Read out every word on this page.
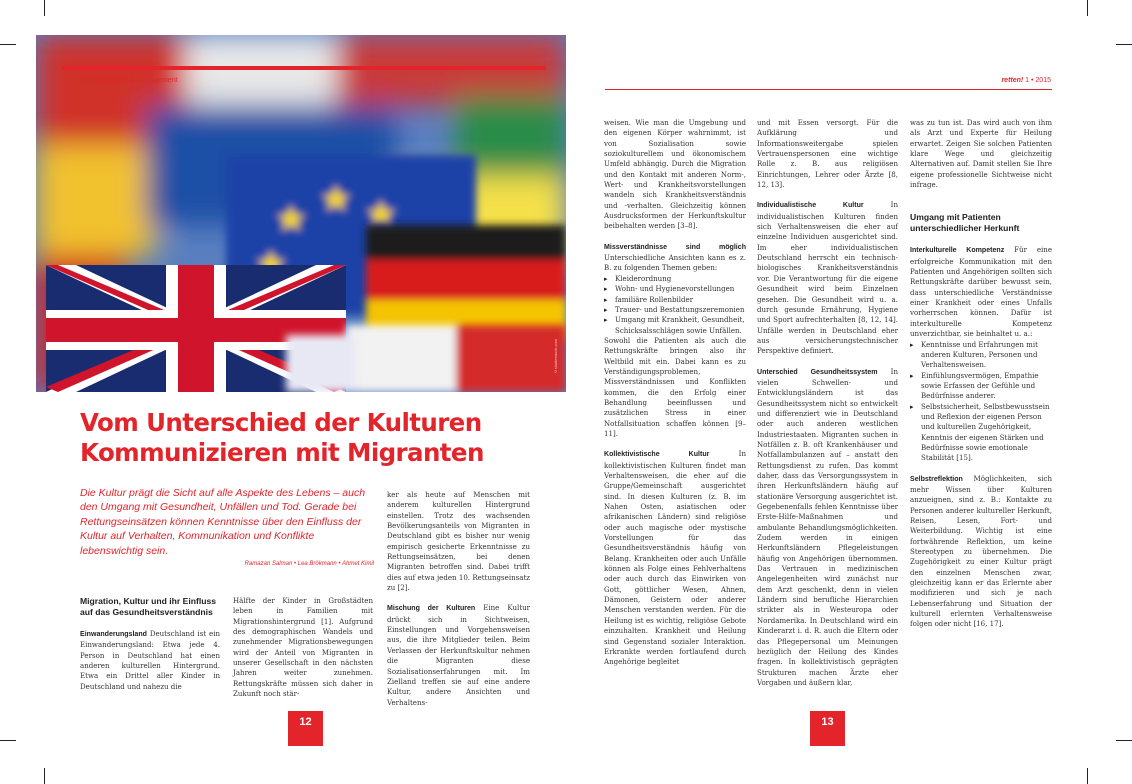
©shutterstock.com
Kommunikation & Management	retten! 1 • 2015
Vom Unterschied der Kulturen
Kommunizieren mit Migranten

Die Kultur prägt die Sicht auf alle Aspekte des Lebens – auch den Umgang mit Gesundheit, Unfällen und Tod. Gerade bei Rettungseinsätzen können Kenntnisse über den Einfluss der Kultur auf Verhalten, Kommunikation und Konflikte lebenswichtig sein.

Ramazan Salman • Lea Brökmann • Ahmet Kimil

Migration, Kultur und ihr Einfluss auf das Gesundheitsverständnis

Einwanderungsland Deutschland ist ein Einwanderungsland: Etwa jede 4. Person in Deutschland hat einen anderen kulturellen Hintergrund. Etwa ein Drittel aller Kinder in Deutschland und nahezu die

Hälfte der Kinder in Großstädten leben in Familien mit Migrationshintergrund [1]. Aufgrund des demographischen Wandels und zunehmender Migrationsbewegungen wird der Anteil von Migranten in unserer Gesellschaft in den nächsten Jahren weiter zunehmen. Rettungskräfte müssen sich daher in Zukunft noch stär-

ker als heute auf Menschen mit anderem kulturellen Hintergrund einstellen. Trotz des wachsenden Bevölkerungsanteils von Migranten in Deutschland gibt es bisher nur wenig empirisch gesicherte Erkenntnisse zu Rettungseinsätzen, bei denen Migranten betroffen sind. Dabei trifft dies auf etwa jeden 10. Rettungseinsatz zu [2].

Mischung der Kulturen Eine Kultur drückt sich in Sichtweisen, Einstellungen und Vorgehensweisen aus, die ihre Mitglieder teilen. Beim Verlassen der Herkunftskultur nehmen die Migranten diese Sozialisationserfahrungen mit. Im Zielland treffen sie auf eine andere Kultur, andere Ansichten und Verhaltens-

weisen. Wie man die Umgebung und den eigenen Körper wahrnimmt, ist von Sozialisation sowie soziokulturellem und ökonomischem Umfeld abhängig. Durch die Migration und den Kontakt mit anderen Norm-, Wert- und Krankheitsvorstellungen wandeln sich Krankheitsverständnis und -verhalten. Gleichzeitig können Ausdrucksformen der Herkunftskultur beibehalten werden [3–8].

Missverständnisse sind möglich Unterschiedliche Ansichten kann es z. B. zu folgenden Themen geben:

▸ Kleiderordnung
▸ Wohn- und Hygienevorstellungen
▸ familiäre Rollenbilder
▸ Trauer- und Bestattungszeremonien
▸ Umgang mit Krankheit, Gesundheit, Schicksalsschlägen sowie Unfällen.

Sowohl die Patienten als auch die Rettungskräfte bringen also ihr Weltbild mit ein. Dabei kann es zu Verständigungsproblemen, Missverständnissen und Konflikten kommen, die den Erfolg einer Behandlung beeinflussen und zusätzlichen Stress in einer Notfallsituation schaffen können [9–11].

Kollektivistische Kultur	In kollektivistischen Kulturen findet man Verhaltensweisen, die eher auf die Gruppe/Gemeinschaft ausgerichtet sind. In diesen Kulturen (z. B. im Nahen Osten, asiatischen oder afrikanischen Ländern) sind religiöse oder auch magische oder mystische Vorstellungen für das Gesundheitsverständnis häufig von Belang. Krankheiten oder auch Unfälle können als Folge eines Fehlverhaltens oder auch durch das Einwirken von Gott, göttlicher Wesen, Ahnen, Dämonen, Geistern oder anderer Menschen verstanden werden. Für die Heilung ist es wichtig, religiöse Gebote einzuhalten. Krankheit und Heilung sind Gegenstand sozialer Interaktion. Erkrankte werden fortlaufend durch Angehörige begleitet

und mit Essen versorgt. Für die Aufklärung und Informationsweitergabe spielen Vertrauenspersonen eine wichtige Rolle z. B. aus religiösen Einrichtungen, Lehrer oder Ärzte [8, 12, 13].

Individualistische Kultur	In individualistischen Kulturen finden sich Verhaltensweisen die eher auf einzelne Individuen ausgerichtet sind. Im eher individualistischen Deutschland herrscht ein technisch-biologisches Krankheitsverständnis vor. Die Verantwortung für die eigene Gesundheit wird beim Einzelnen gesehen. Die Gesundheit wird u. a. durch gesunde Ernährung, Hygiene und Sport aufrechterhalten [8, 12, 14]. Unfälle werden in Deutschland eher aus versicherungstechnischer Perspektive definiert.

Unterschied Gesundheitssystem In vielen Schwellen- und Entwicklungsländern ist das Gesundheitssystem nicht so entwickelt und differenziert wie in Deutschland oder auch anderen westlichen Industriestaaten. Migranten suchen in Notfällen z. B. oft Krankenhäuser und Notfallambulanzen auf – anstatt den Rettungsdienst zu rufen. Das kommt daher, dass das Versorgungssystem in ihren Herkunftsländern häufig auf stationäre Versorgung ausgerichtet ist. Gegebenenfalls fehlen Kenntnisse über Erste-Hilfe-Maßnahmen und ambulante Behandlungsmöglichkeiten. Zudem werden in einigen Herkunftsländern Pflegeleistungen häufig von Angehörigen übernommen. Das Vertrauen in medizinischen Angelegenheiten wird zunächst nur dem Arzt geschenkt, denn in vielen Ländern sind berufliche Hierarchien strikter als in Westeuropa oder Nordamerika. In Deutschland wird ein Kinderarzt i. d. R. auch die Eltern oder das Pflegepersonal um Meinungen bezüglich der Heilung des Kindes fragen. In kollektivistisch geprägten Strukturen machen Ärzte eher Vorgaben und äußern klar,

was zu tun ist. Das wird auch von ihm als Arzt und Experte für Heilung erwartet. Zeigen Sie solchen Patienten klare Wege und gleichzeitig Alternativen auf. Damit stellen Sie Ihre eigene professionelle Sichtweise nicht infrage.

Umgang mit Patienten unterschiedlicher Herkunft

Interkulturelle Kompetenz Für eine erfolgreiche Kommunikation mit den Patienten und Angehörigen sollten sich Rettungskräfte darüber bewusst sein, dass unterschiedliche Verständnisse einer Krankheit oder eines Unfalls vorherrschen können. Dafür ist interkulturelle Kompetenz unverzichtbar, sie beinhaltet u. a.:

▸ Kenntnisse und Erfahrungen mit anderen Kulturen, Personen und Verhaltensweisen.
▸ Einfühlungsvermögen, Empathie sowie Erfassen der Gefühle und Bedürfnisse anderer.
▸ Selbstsicherheit, Selbstbewusstsein und Reflexion der eigenen Person und kulturellen Zugehörigkeit, Kenntnis der eigenen Stärken und Bedürfnisse sowie emotionale Stabilität [15].

Selbstreflektion Möglichkeiten, sich mehr Wissen über Kulturen anzueignen, sind z. B.: Kontakte zu Personen anderer kultureller Herkunft, Reisen, Lesen, Fort- und Weiterbildung. Wichtig ist eine fortwährende Reflektion, um keine Stereotypen zu übernehmen. Die Zugehörigkeit zu einer Kultur prägt den einzelnen Menschen zwar, gleichzeitig kann er das Erlernte aber modifizieren und sich je nach Lebenserfahrung und Situation der kulturell erlernten Verhaltensweise folgen oder nicht [16, 17].

12	13
